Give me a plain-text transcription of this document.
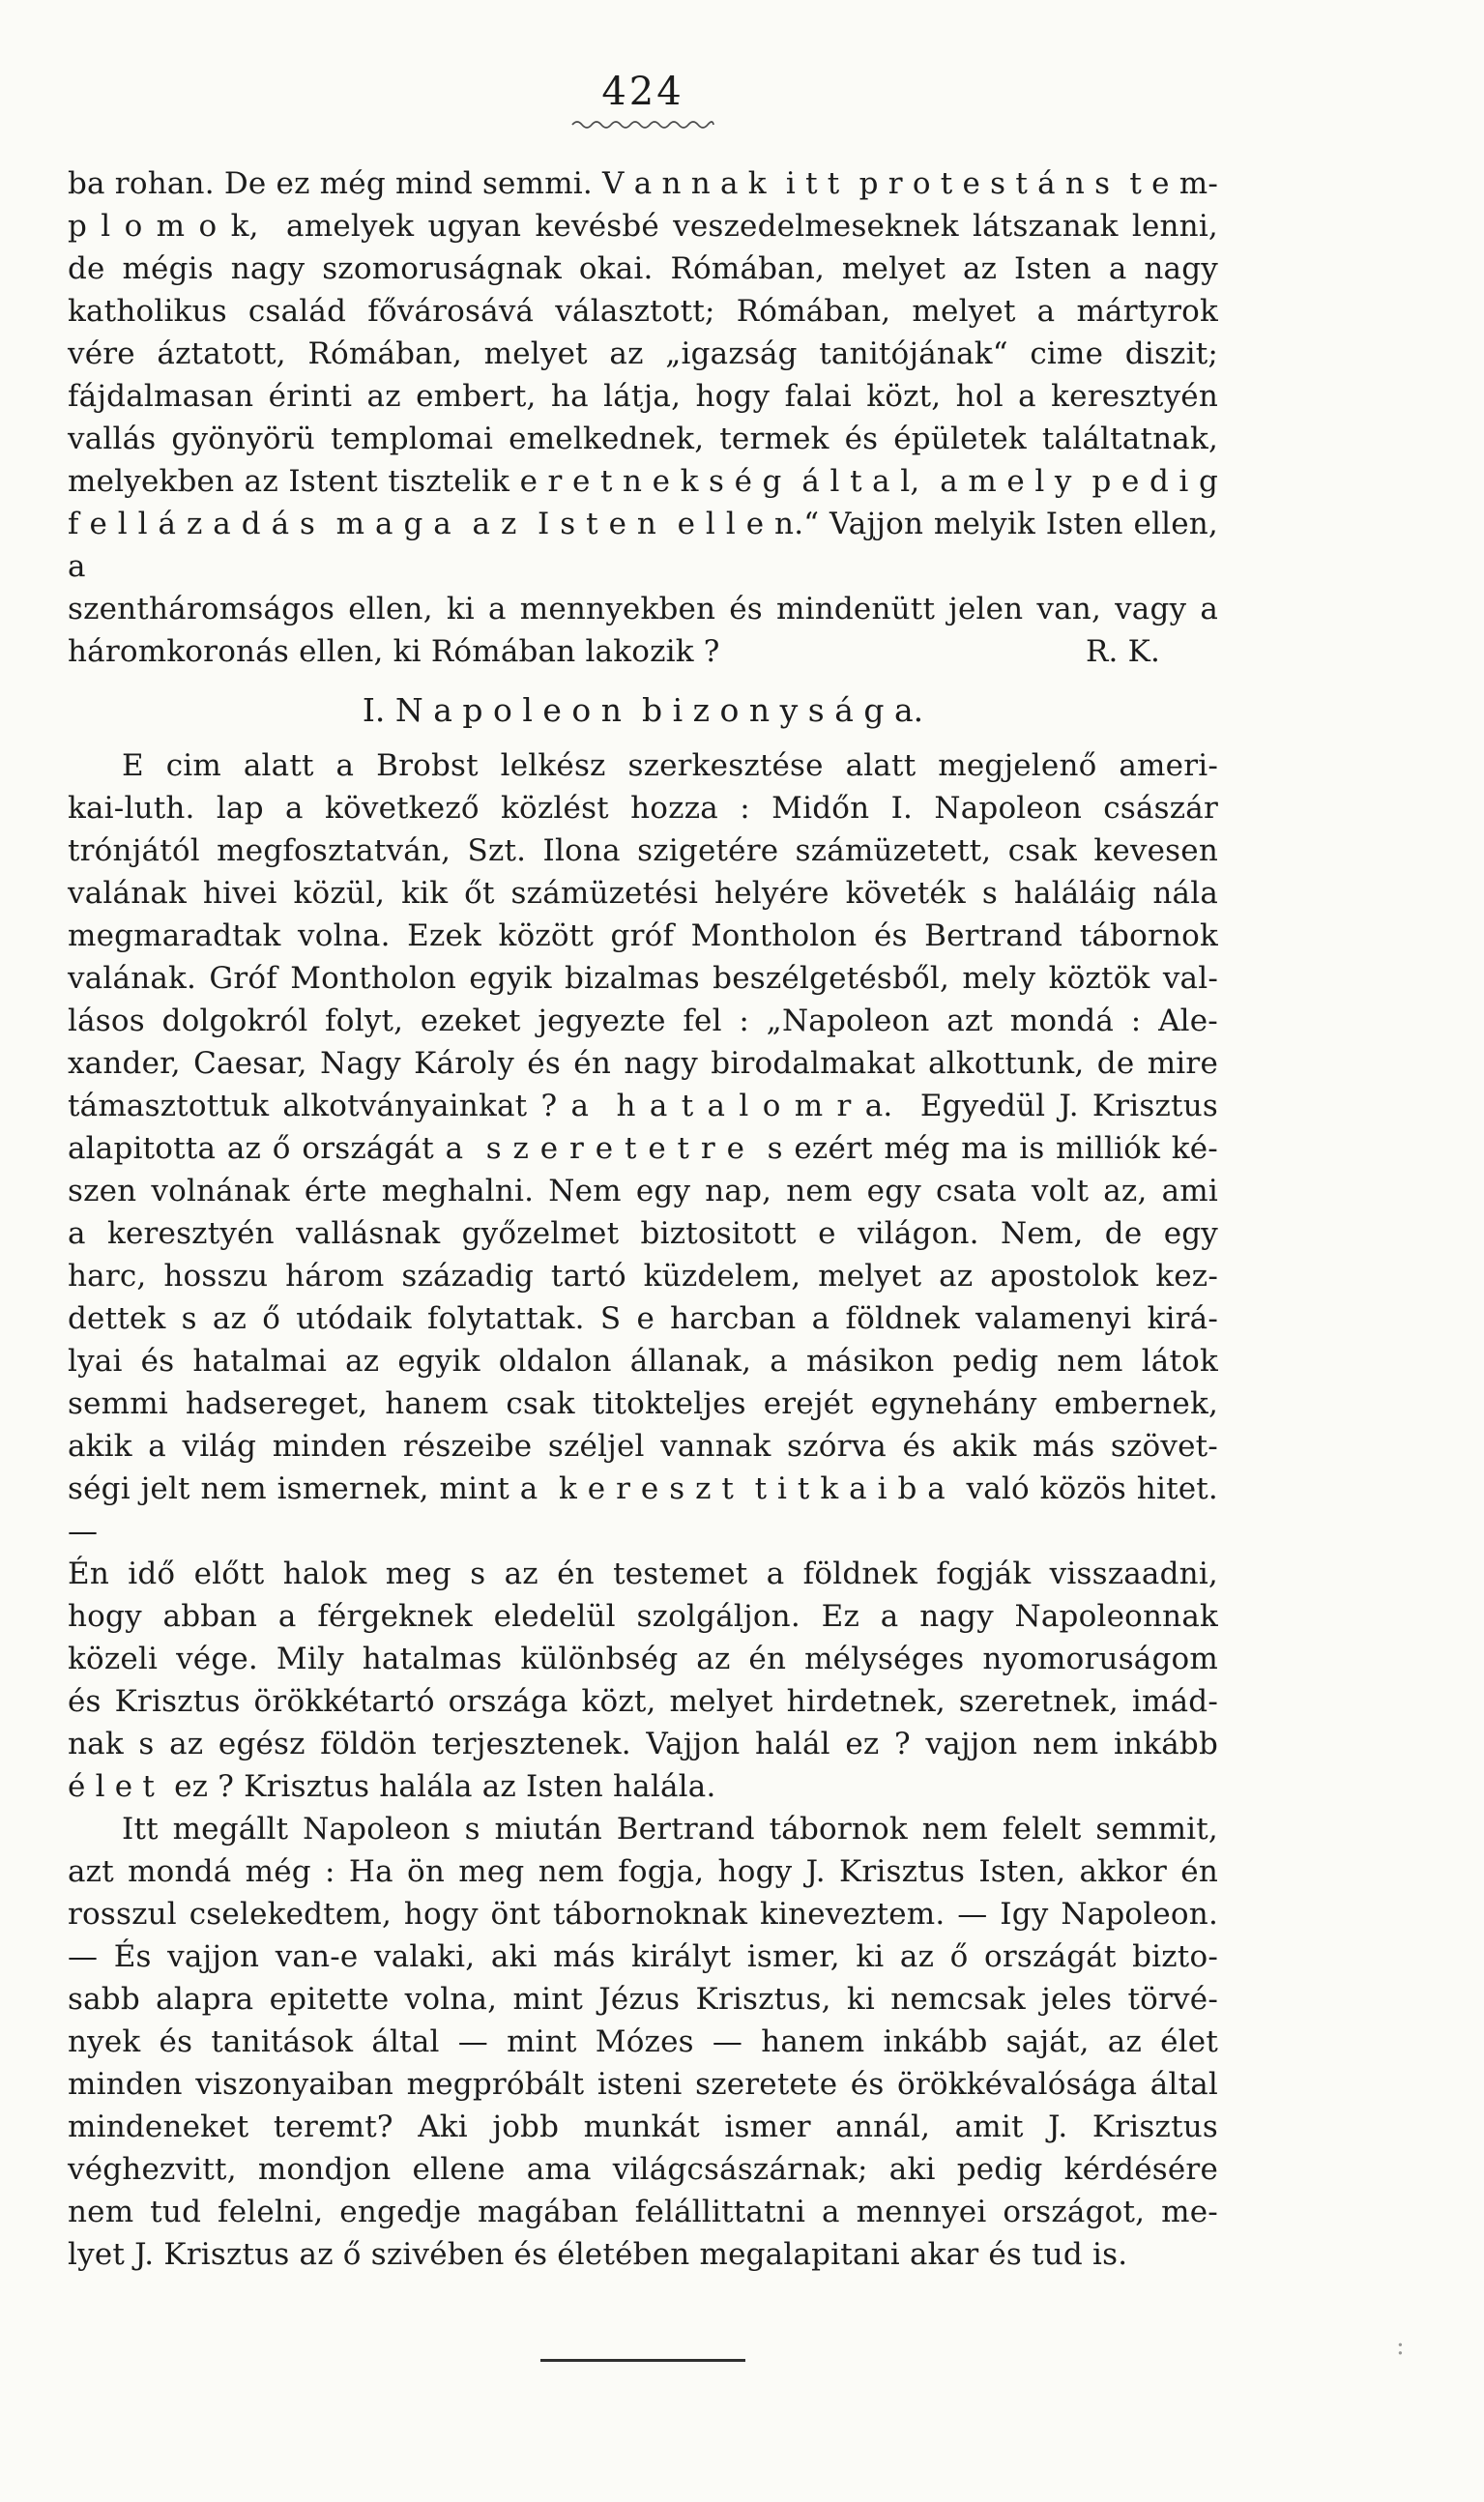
424
ba rohan. De ez még mind semmi. V a n n a k  i t t  p r o t e s t á n s  t e m-
p l o m o k,  amelyek ugyan kevésbé veszedelmeseknek látszanak lenni,
de mégis nagy szomoruságnak okai. Rómában, melyet az Isten a nagy
katholikus család fővárosává választott; Rómában, melyet a mártyrok
vére áztatott, Rómában, melyet az „igazság tanitójának“ cime diszit;
fájdalmasan érinti az embert, ha látja, hogy falai közt, hol a keresztyén
vallás gyönyörü templomai emelkednek, termek és épületek találtatnak,
melyekben az Istent tisztelik e r e t n e k s é g  á l t a l,  a m e l y  p e d i g
f e l l á z a d á s  m a g a  a z  I s t e n  e l l e n.“ Vajjon melyik Isten ellen, a
szentháromságos ellen, ki a mennyekben és mindenütt jelen van, vagy a
háromkoronás ellen, ki Rómában lakozik ?	R. K.
I. N a p o l e o n  b i z o n y s á g a.
E cim alatt a Brobst lelkész szerkesztése alatt megjelenő ameri-
kai-luth. lap a következő közlést hozza : Midőn I. Napoleon császár
trónjától megfosztatván, Szt. Ilona szigetére számüzetett, csak kevesen
valának hivei közül, kik őt számüzetési helyére követék s haláláig nála
megmaradtak volna. Ezek között gróf Montholon és Bertrand tábornok
valának. Gróf Montholon egyik bizalmas beszélgetésből, mely köztök val-
lásos dolgokról folyt, ezeket jegyezte fel : „Napoleon azt mondá : Ale-
xander, Caesar, Nagy Károly és én nagy birodalmakat alkottunk, de mire
támasztottuk alkotványainkat ? a  h a t a l o m r a.  Egyedül J. Krisztus
alapitotta az ő országát a  s z e r e t e t r e  s ezért még ma is milliók ké-
szen volnának érte meghalni. Nem egy nap, nem egy csata volt az, ami
a keresztyén vallásnak győzelmet biztositott e világon. Nem, de egy
harc, hosszu három századig tartó küzdelem, melyet az apostolok kez-
dettek s az ő utódaik folytattak. S e harcban a földnek valamenyi kirá-
lyai és hatalmai az egyik oldalon állanak, a másikon pedig nem látok
semmi hadsereget, hanem csak titokteljes erejét egynehány embernek,
akik a világ minden részeibe széljel vannak szórva és akik más szövet-
ségi jelt nem ismernek, mint a  k e r e s z t  t i t k a i b a  való közös hitet. —
Én idő előtt halok meg s az én testemet a földnek fogják visszaadni,
hogy abban a férgeknek eledelül szolgáljon. Ez a nagy Napoleonnak
közeli vége. Mily hatalmas különbség az én mélységes nyomoruságom
és Krisztus örökkétartó országa közt, melyet hirdetnek, szeretnek, imád-
nak s az egész földön terjesztenek. Vajjon halál ez ? vajjon nem inkább
é l e t  ez ? Krisztus halála az Isten halála.
Itt megállt Napoleon s miután Bertrand tábornok nem felelt semmit,
azt mondá még : Ha ön meg nem fogja, hogy J. Krisztus Isten, akkor én
rosszul cselekedtem, hogy önt tábornoknak kineveztem. — Igy Napoleon.
— És vajjon van-e valaki, aki más királyt ismer, ki az ő országát bizto-
sabb alapra epitette volna, mint Jézus Krisztus, ki nemcsak jeles törvé-
nyek és tanitások által — mint Mózes — hanem inkább saját, az élet
minden viszonyaiban megpróbált isteni szeretete és örökkévalósága által
mindeneket teremt? Aki jobb munkát ismer annál, amit J. Krisztus
véghezvitt, mondjon ellene ama világcsászárnak; aki pedig kérdésére
nem tud felelni, engedje magában felállittatni a mennyei országot, me-
lyet J. Krisztus az ő szivében és életében megalapitani akar és tud is.
:
